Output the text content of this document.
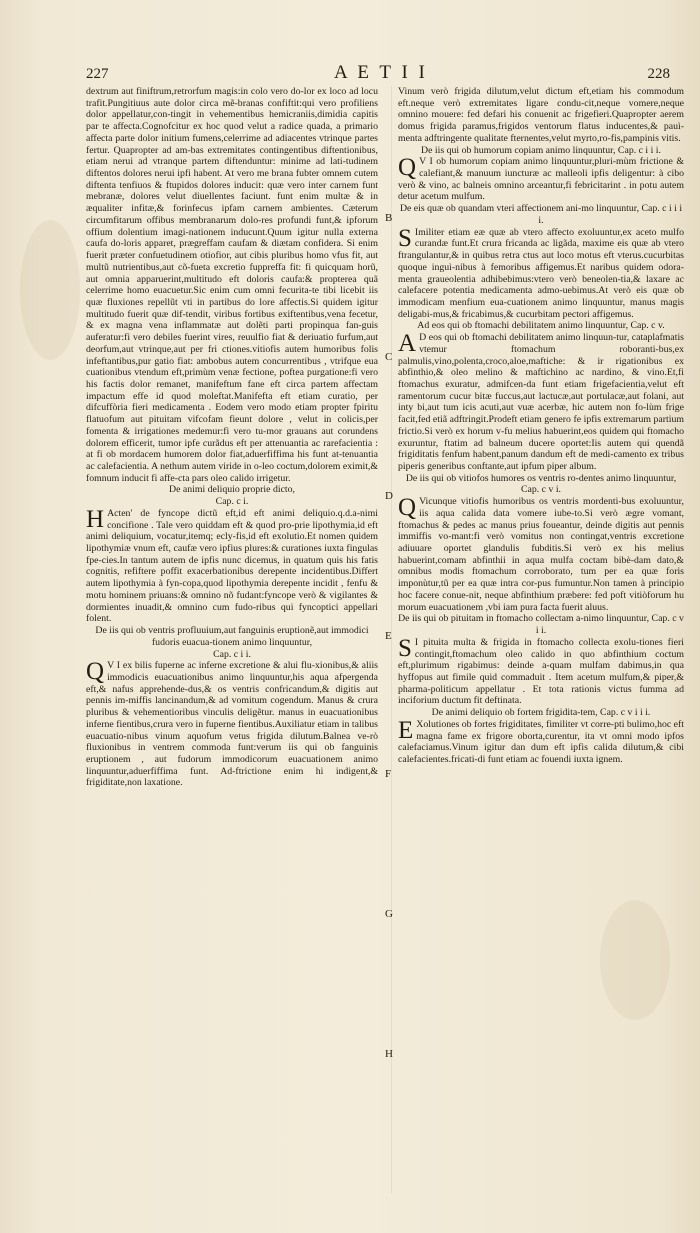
227	A E T I I	228
B
C
D
E
F
G
H

dextrum aut finiftrum,retrorfum magis:in colo vero do-lor ex loco ad locu trafit.Pungitiuus aute dolor circa mẽ-branas confiftit:qui vero profiliens dolor appellatur,con-tingit in vehementibus hemicraniis,dimidia capitis par te affecta.Cognofcitur ex hoc quod velut a radice quada, a primario affecta parte dolor initium fumens,celerrime ad adiacentes vtrinque partes fertur. Quapropter ad am-bas extremitates contingentibus diftentionibus, etiam nerui ad vtranque partem diftenduntur: minime ad lati-tudinem diftentos dolores nerui ipfi habent. At vero me brana fubter omnem cutem diftenta tenfiuos & ftupidos dolores inducit: quæ vero inter carnem funt mebranæ, dolores velut diuellentes faciunt. funt enim multæ & in æqualiter infitæ,& forinfecus ipfam carnem ambientes. Cæterum circumfitarum offibus membranarum dolo-res profundi funt,& ipforum offium dolentium imagi-nationem inducunt.Quum igitur nulla externa caufa do-loris apparet, prægreffam caufam & diætam confidera. Si enim fuerit præter confuetudinem otiofior, aut cibis pluribus homo vfus fit, aut multũ nutrientibus,aut cõ-fueta excretio fuppreffa fit: fi quicquam horũ, aut omnia apparuerint,multitudo eft doloris caufa:& propterea quã celerrime homo euacuetur.Sic enim cum omni fecurita-te tibi licebit iis quæ fluxiones repellũt vti in partibus do lore affectis.Si quidem igitur multitudo fuerit quæ dif-tendit, viribus fortibus exiftentibus,vena fecetur, & ex magna vena inflammatæ aut dolẽti parti propinqua fan-guis auferatur:fi vero debiles fuerint vires, reuulfio fiat & deriuatio furfum,aut deorfum,aut vtrinque,aut per fri ctiones.vitiofis autem humoribus folis infeftantibus,pur gatio fiat: ambobus autem concurrentibus , vtrifque eua cuationibus vtendum eft,primùm venæ fectione, poftea purgatione:fi vero his factis dolor remanet, manifeftum fane eft circa partem affectam impactum effe id quod moleftat.Manifefta eft etiam curatio, per difcuffòria fieri medicamenta . Eodem vero modo etiam propter fpiritu flatuofum aut pituitam vifcofam fieunt dolore , velut in colicis,per fomenta & irrigationes medemur:fi vero tu-mor grauans aut corundens dolorem efficerit, tumor ipfe curãdus eft per attenuantia ac rarefacientia : at fi ob mordacem humorem dolor fiat,aduerfiffima his funt at-tenuantia ac calefacientia. A nethum autem viride in o-leo coctum,dolorem eximit,& fomnum inducit fi affe-cta pars oleo calido irrigetur.

De animi deliquio proprie dicto,

Cap. c i.

H Acten' de fyncope dictũ eft,id eft animi deliquio.q.d.a-nimi concifione . Tale vero quiddam eft & quod pro-prie lipothymia,id eft animi deliquium, vocatur,itemq; ecly-fis,id eft exolutio.Et nomen quidem lipothymiæ vnum eft, caufæ vero ipfius plures:& curationes iuxta fingulas fpe-cies.In tantum autem de ipfis nunc dicemus, in quatum quis his fatis cognitis, refiftere poffit exacerbationibus derepente incidentibus.Differt autem lipothymia à fyn-copa,quod lipothymia derepente incidit , fenfu & motu hominem priuans:& omnino nõ fudant:fyncope verò & vigilantes & dormientes inuadit,& omnino cum fudo-ribus qui fyncoptici appellari folent.

De iis qui ob ventris profluuium,aut fanguinis eruptionẽ,aut immodici fudoris euacua-tionem animo linquuntur,

Cap. c i i.

Q V I ex bilis fuperne ac inferne excretione & alui flu-xionibus,& aliis immodicis euacuationibus animo linquuntur,his aqua afpergenda eft,& nafus apprehende-dus,& os ventris confricandum,& digitis aut pennis im-miffis lancinandum,& ad vomitum cogendum. Manus & crura pluribus & vehementioribus vinculis deligẽtur. manus in euacuationibus inferne fientibus,crura vero in fuperne fientibus.Auxiliatur etiam in talibus euacuatio-nibus vinum aquofum vetus frigida dilutum.Balnea ve-rò fluxionibus in ventrem commoda funt:verum iis qui ob fanguinis eruptionem , aut fudorum immodicorum euacuationem animo linquuntur,aduerfiffima funt. Ad-ftrictione enim hi indigent,& frigiditate,non laxatione.

Vinum verò frigida dilutum,velut dictum eft,etiam his commodum eft.neque verò extremitates ligare condu-cit,neque vomere,neque omnino mouere: fed defari his conuenit ac frigefieri.Quapropter aerem domus frigida paramus,frigidos ventorum flatus inducentes,& pauì-menta adftringente qualitate fternentes,velut myrto,ro-fis,pampinis vitis.

De iis qui ob humorum copiam animo linquuntur, Cap. c i i i.

Q V I ob humorum copiam animo linquuntur,pluri-mùm frictione & calefiant,& manuum iuncturæ ac malleoli ipfis deligentur: à cibo verò & vino, ac balneis omnino arceantur,fi febricitarint . in potu autem detur acetum mulfum.

De eis quæ ob quandam vteri affectionem ani-mo linquuntur, Cap. c i i i i.

S Imiliter etiam eæ quæ ab vtero affecto exoluuntur,ex aceto mulfo curandæ funt.Et crura fricanda ac ligãda, maxime eis quæ ab vtero ftrangulantur,& in quibus retra ctus aut loco motus eft vterus.cucurbitas quoque inguì-nibus à femoribus affigemus.Et naribus quidem odora-menta graueolentia adhibebimus:vtero verò beneolen-tia,& laxare ac calefacere potentia medicamenta admo-uebimus.At verò eis quæ ob immodicam menfium eua-cuationem animo linquuntur, manus magis deligabi-mus,& fricabimus,& cucurbitam pectori affigemus.

Ad eos qui ob ftomachi debilitatem animo linquuntur, Cap. c v.

A D eos qui ob ftomachi debilitatem animo linquun-tur, cataplafmatis vtemur ftomachum roboranti-bus,ex palmulis,vino,polenta,croco,aloe,maftiche: & ir rigationibus ex abfinthio,& oleo melino & maftichino ac nardino, & vino.Et,fi ftomachus exuratur, admifcen-da funt etiam frigefacientia,velut eft ramentorum cucur bitæ fuccus,aut lactucæ,aut portulacæ,aut folani, aut inty bi,aut tum icis acuti,aut vuæ acerbæ, hic autem non fo-lùm frige facit,fed etiã adftringit.Prodeft etiam genero fe ipfis extremarum partium frictio.Si verò ex horum v-fu melius habuerint,eos quidem qui ftomacho exuruntur, ftatim ad balneum ducere oportet:Iis autem qui quendã frigiditatis fenfum habent,panum dandum eft de medi-camento ex tribus piperis generibus conftante,aut ipfum piper album.

De iis qui ob vitiofos humores os ventris ro-dentes animo linquuntur, Cap. c v i.

Q Vicunque vitiofis humoribus os ventris mordenti-bus exoluuntur, iis aqua calida data vomere iube-to.Si verò ægre vomant, ftomachus & pedes ac manus prius foueantur, deinde digitis aut pennis immiffis vo-mant:fi verò vomitus non contingat,ventris excretione adiuuare oportet glandulis fubditis.Si verò ex his melius habuerint,comam abfinthii in aqua mulfa coctam bibè-dam dato,& omnibus modis ftomachum corroborato, tum per ea quæ foris imponùtur,tũ per ea quæ intra cor-pus fumuntur.Non tamen à principio hoc facere conue-nit, neque abfinthium præbere: fed poft vitiòforum hu morum euacuationem ,vbi iam pura facta fuerit aluus.

De iis qui ob pituitam in ftomacho collectam a-nimo linquuntur, Cap. c v i i.

S I pituita multa & frigida in ftomacho collecta exolu-tiones fieri contingit,ftomachum oleo calido in quo abfinthium coctum eft,plurimum rigabimus: deinde a-quam mulfam dabimus,in qua hyffopus aut fimile quid commaduit . Item acetum mulfum,& piper,& pharma-politicum appellatur . Et tota rationis victus fumma ad inciforium ductum fit deftinata.

De animi deliquio ob fortem frigidita-tem, Cap. c v i i i.

E Xolutiones ob fortes frigiditates, fimiliter vt corre-pti bulimo,hoc eft magna fame ex frigore oborta,curentur, ita vt omni modo ipfos calefaciamus.Vinum igitur dan dum eft ipfis calida dilutum,& cibi calefacientes.fricati-di funt etiam ac fouendi iuxta ignem.
